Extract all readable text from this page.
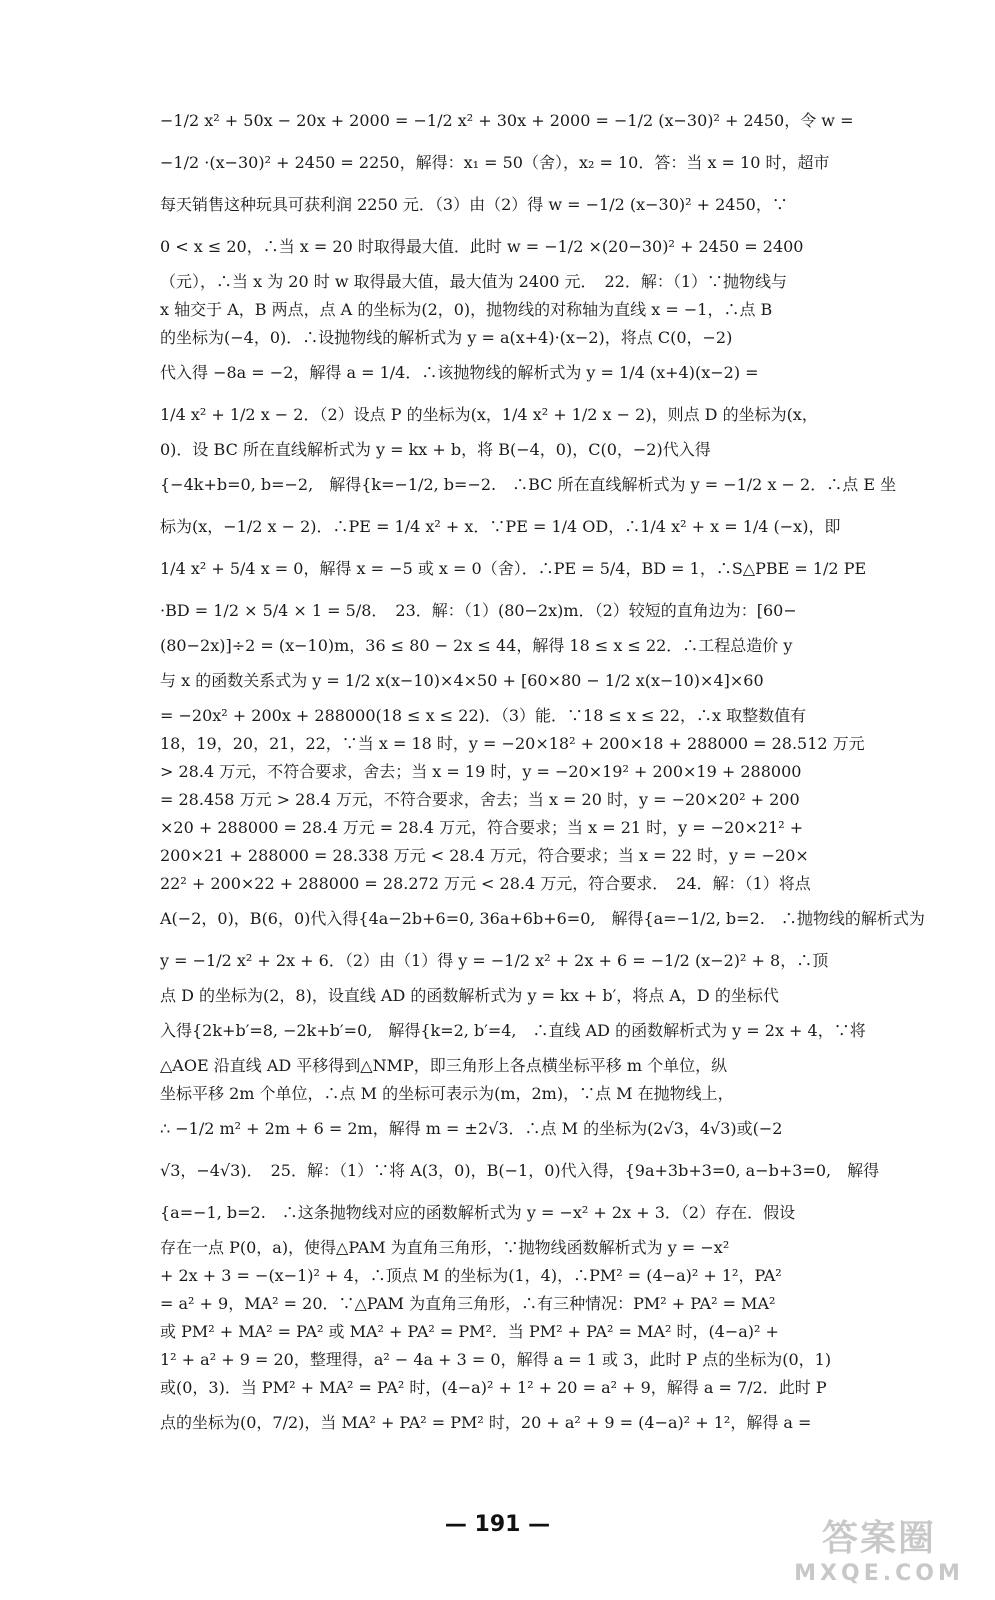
−1/2 x² + 50x − 20x + 2000 = −1/2 x² + 30x + 2000 = −1/2 (x−30)² + 2450，令 w =
−1/2 ·(x−30)² + 2450 = 2250，解得：x₁ = 50（舍），x₂ = 10．答：当 x = 10 时，超市
每天销售这种玩具可获利润 2250 元．（3）由（2）得 w = −1/2 (x−30)² + 2450，∵
0 < x ≤ 20，∴当 x = 20 时取得最大值．此时 w = −1/2 ×(20−30)² + 2450 = 2400
（元），∴当 x 为 20 时 w 取得最大值，最大值为 2400 元．　22．解：（1）∵抛物线与
x 轴交于 A，B 两点，点 A 的坐标为(2，0)，抛物线的对称轴为直线 x = −1，∴点 B
的坐标为(−4，0)．∴设抛物线的解析式为 y = a(x+4)·(x−2)，将点 C(0，−2)
代入得 −8a = −2，解得 a = 1/4．∴该抛物线的解析式为 y = 1/4 (x+4)(x−2) =
1/4 x² + 1/2 x − 2．（2）设点 P 的坐标为(x，1/4 x² + 1/2 x − 2)，则点 D 的坐标为(x，
0)．设 BC 所在直线解析式为 y = kx + b，将 B(−4，0)，C(0，−2)代入得
{−4k+b=0, b=−2,　解得{k=−1/2, b=−2.　∴BC 所在直线解析式为 y = −1/2 x − 2．∴点 E 坐
标为(x，−1/2 x − 2)．∴PE = 1/4 x² + x．∵PE = 1/4 OD，∴1/4 x² + x = 1/4 (−x)，即
1/4 x² + 5/4 x = 0，解得 x = −5 或 x = 0（舍）．∴PE = 5/4，BD = 1，∴S△PBE = 1/2 PE
·BD = 1/2 × 5/4 × 1 = 5/8．　23．解：（1）(80−2x)m．（2）较短的直角边为：[60−
(80−2x)]÷2 = (x−10)m，36 ≤ 80 − 2x ≤ 44，解得 18 ≤ x ≤ 22．∴工程总造价 y
与 x 的函数关系式为 y = 1/2 x(x−10)×4×50 + [60×80 − 1/2 x(x−10)×4]×60
= −20x² + 200x + 288000(18 ≤ x ≤ 22)．（3）能．∵18 ≤ x ≤ 22，∴x 取整数值有
18，19，20，21，22，∵当 x = 18 时，y = −20×18² + 200×18 + 288000 = 28.512 万元
> 28.4 万元，不符合要求，舍去；当 x = 19 时，y = −20×19² + 200×19 + 288000
= 28.458 万元 > 28.4 万元，不符合要求，舍去；当 x = 20 时，y = −20×20² + 200
×20 + 288000 = 28.4 万元 = 28.4 万元，符合要求；当 x = 21 时，y = −20×21² +
200×21 + 288000 = 28.338 万元 < 28.4 万元，符合要求；当 x = 22 时，y = −20×
22² + 200×22 + 288000 = 28.272 万元 < 28.4 万元，符合要求．　24．解：（1）将点
A(−2，0)，B(6，0)代入得{4a−2b+6=0, 36a+6b+6=0,　解得{a=−1/2, b=2.　∴抛物线的解析式为
y = −1/2 x² + 2x + 6．（2）由（1）得 y = −1/2 x² + 2x + 6 = −1/2 (x−2)² + 8，∴顶
点 D 的坐标为(2，8)，设直线 AD 的函数解析式为 y = kx + b′，将点 A，D 的坐标代
入得{2k+b′=8, −2k+b′=0,　解得{k=2, b′=4,　∴直线 AD 的函数解析式为 y = 2x + 4，∵将
△AOE 沿直线 AD 平移得到△NMP，即三角形上各点横坐标平移 m 个单位，纵
坐标平移 2m 个单位，∴点 M 的坐标可表示为(m，2m)，∵点 M 在抛物线上，
∴ −1/2 m² + 2m + 6 = 2m，解得 m = ±2√3．∴点 M 的坐标为(2√3，4√3)或(−2
√3，−4√3)．　25．解：（1）∵将 A(3，0)，B(−1，0)代入得，{9a+3b+3=0, a−b+3=0,　解得
{a=−1, b=2.　∴这条抛物线对应的函数解析式为 y = −x² + 2x + 3．（2）存在．假设
存在一点 P(0，a)，使得△PAM 为直角三角形，∵抛物线函数解析式为 y = −x²
+ 2x + 3 = −(x−1)² + 4，∴顶点 M 的坐标为(1，4)，∴PM² = (4−a)² + 1²，PA²
= a² + 9，MA² = 20．∵△PAM 为直角三角形，∴有三种情况：PM² + PA² = MA²
或 PM² + MA² = PA² 或 MA² + PA² = PM²．当 PM² + PA² = MA² 时，(4−a)² +
1² + a² + 9 = 20，整理得，a² − 4a + 3 = 0，解得 a = 1 或 3，此时 P 点的坐标为(0，1)
或(0，3)．当 PM² + MA² = PA² 时，(4−a)² + 1² + 20 = a² + 9，解得 a = 7/2．此时 P
点的坐标为(0，7/2)，当 MA² + PA² = PM² 时，20 + a² + 9 = (4−a)² + 1²，解得 a =
— 191 —	答案圈
MXQE.COM
